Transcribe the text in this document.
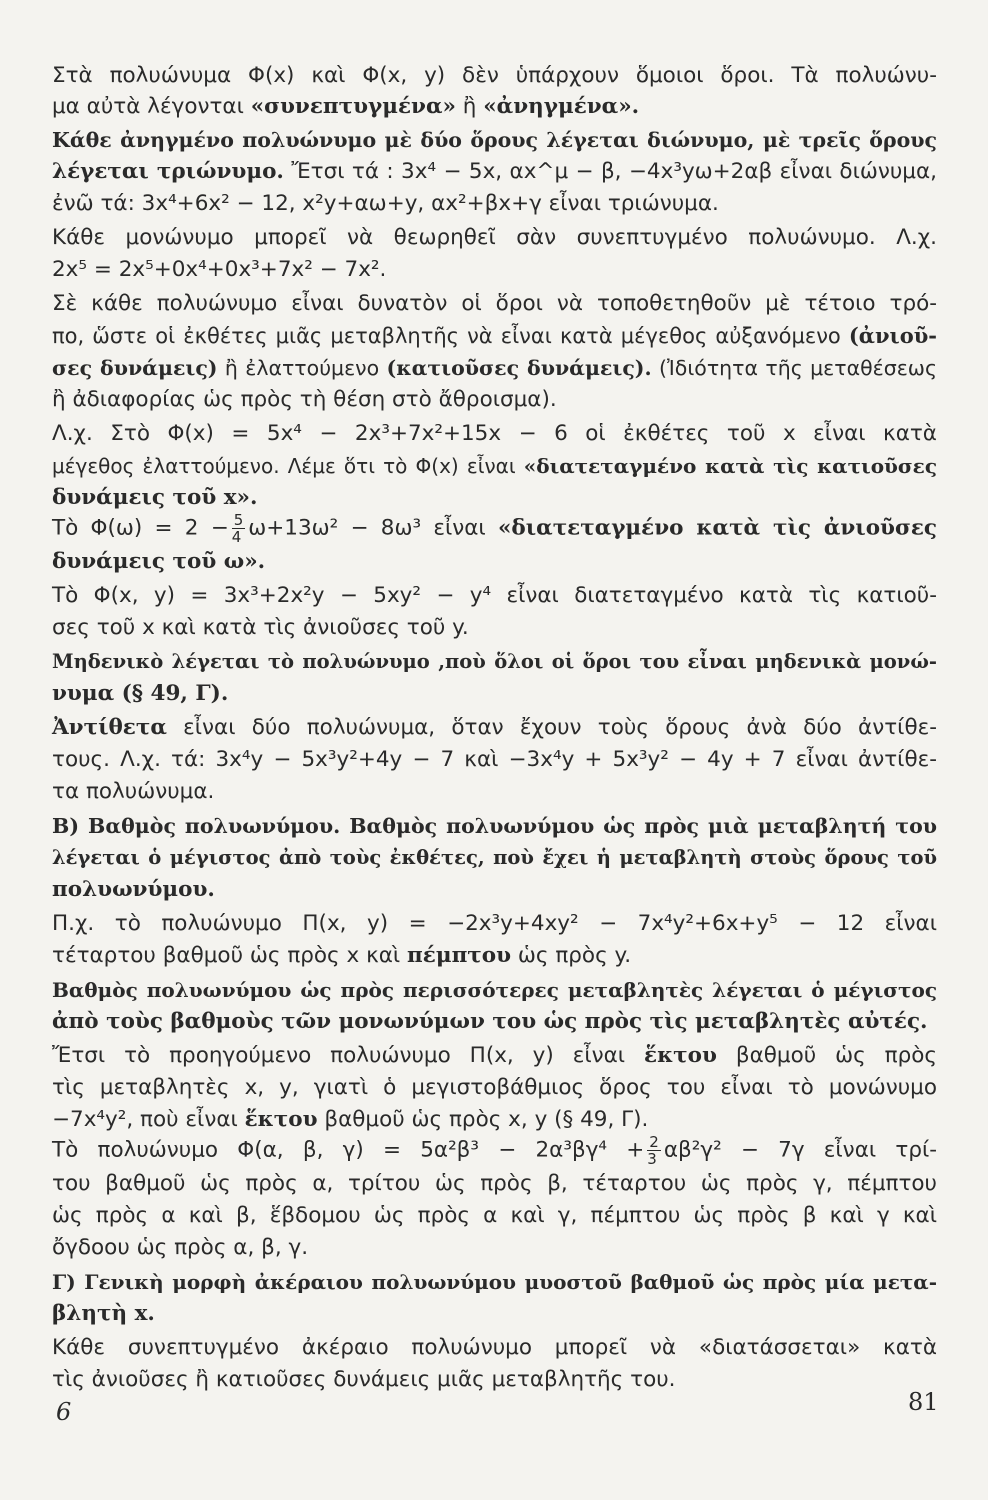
Στὰ πολυώνυμα Φ(x) καὶ Φ(x, y) δὲν ὑπάρχουν ὅμοιοι ὅροι. Τὰ πολυώνυ-
μα αὐτὰ λέγονται «συνεπτυγμένα» ἢ «ἀνηγμένα».
Κάθε ἀνηγμένο πολυώνυμο μὲ δύο ὅρους λέγεται διώνυμο, μὲ τρεῖς ὅρους
λέγεται τριώνυμο. Ἔτσι τά : 3x⁴ − 5x, αx^μ − β, −4x³yω+2αβ εἶναι διώνυμα,
ἐνῶ τά: 3x⁴+6x² − 12, x²y+αω+y, αx²+βx+γ εἶναι τριώνυμα.
Κάθε μονώνυμο μπορεῖ νὰ θεωρηθεῖ σὰν συνεπτυγμένο πολυώνυμο. Λ.χ.
2x⁵ = 2x⁵+0x⁴+0x³+7x² − 7x².
Σὲ κάθε πολυώνυμο εἶναι δυνατὸν οἱ ὅροι νὰ τοποθετηθοῦν μὲ τέτοιο τρό-
πο, ὥστε οἱ ἐκθέτες μιᾶς μεταβλητῆς νὰ εἶναι κατὰ μέγεθος αὐξανόμενο (ἀνιοῦ-
σες δυνάμεις) ἢ ἐλαττούμενο (κατιοῦσες δυνάμεις). (Ἰδιότητα τῆς μεταθέσεως
ἢ ἀδιαφορίας ὡς πρὸς τὴ θέση στὸ ἄθροισμα).
Λ.χ. Στὸ Φ(x) = 5x⁴ − 2x³+7x²+15x − 6 οἱ ἐκθέτες τοῦ x εἶναι κατὰ
μέγεθος ἐλαττούμενο. Λέμε ὅτι τὸ Φ(x) εἶναι «διατεταγμένο κατὰ τὶς κατιοῦσες
δυνάμεις τοῦ x».
Τὸ $\Phi(\omega) = 2 - \frac{5}{4} \omega+13\omega^2 - 8\omega^3$ εἶναι «διατεταγμένο κατὰ τὶς ἀνιοῦσες
δυνάμεις τοῦ ω».
Τὸ Φ(x, y) = 3x³+2x²y − 5xy² − y⁴ εἶναι διατεταγμένο κατὰ τὶς κατιοῦ-
σες τοῦ x καὶ κατὰ τὶς ἀνιοῦσες τοῦ y.
Μηδενικὸ λέγεται τὸ πολυώνυμο ,ποὺ ὅλοι οἱ ὅροι του εἶναι μηδενικὰ μονώ-
νυμα (§ 49, Γ).
Ἀντίθετα εἶναι δύο πολυώνυμα, ὅταν ἔχουν τοὺς ὅρους ἀνὰ δύο ἀντίθε-
τους. Λ.χ. τά: 3x⁴y − 5x³y²+4y − 7 καὶ −3x⁴y + 5x³y² − 4y + 7 εἶναι ἀντίθε-
τα πολυώνυμα.
Β) Βαθμὸς πολυωνύμου. Βαθμὸς πολυωνύμου ὡς πρὸς μιὰ μεταβλητή του
λέγεται ὁ μέγιστος ἀπὸ τοὺς ἐκθέτες, ποὺ ἔχει ἡ μεταβλητὴ στοὺς ὅρους τοῦ
πολυωνύμου.
Π.χ. τὸ πολυώνυμο Π(x, y) = −2x³y+4xy² − 7x⁴y²+6x+y⁵ − 12 εἶναι
τέταρτου βαθμοῦ ὡς πρὸς x καὶ πέμπτου ὡς πρὸς y.
Βαθμὸς πολυωνύμου ὡς πρὸς περισσότερες μεταβλητὲς λέγεται ὁ μέγιστος
ἀπὸ τοὺς βαθμοὺς τῶν μονωνύμων του ὡς πρὸς τὶς μεταβλητὲς αὐτές.
Ἔτσι τὸ προηγούμενο πολυώνυμο Π(x, y) εἶναι ἕκτου βαθμοῦ ὡς πρὸς
τὶς μεταβλητὲς x, y, γιατὶ ὁ μεγιστοβάθμιος ὅρος του εἶναι τὸ μονώνυμο
−7x⁴y², ποὺ εἶναι ἕκτου βαθμοῦ ὡς πρὸς x, y (§ 49, Γ).
Τὸ πολυώνυμο Φ(α, β, $\gamma) = 5\alpha^2\beta^3 - 2\alpha^3\beta\gamma^4 + \frac{2}{3} \alpha\beta^2\gamma^2 - 7\gamma$ εἶναι τρί-
του βαθμοῦ ὡς πρὸς α, τρίτου ὡς πρὸς β, τέταρτου ὡς πρὸς γ, πέμπτου
ὡς πρὸς α καὶ β, ἕβδομου ὡς πρὸς α καὶ γ, πέμπτου ὡς πρὸς β καὶ γ καὶ
ὄγδοου ὡς πρὸς α, β, γ.
Γ) Γενικὴ μορφὴ ἀκέραιου πολυωνύμου μυοστοῦ βαθμοῦ ὡς πρὸς μία μετα-
βλητὴ x.
Κάθε συνεπτυγμένο ἀκέραιο πολυώνυμο μπορεῖ νὰ «διατάσσεται» κατὰ
τὶς ἀνιοῦσες ἢ κατιοῦσες δυνάμεις μιᾶς μεταβλητῆς του.
6	81
